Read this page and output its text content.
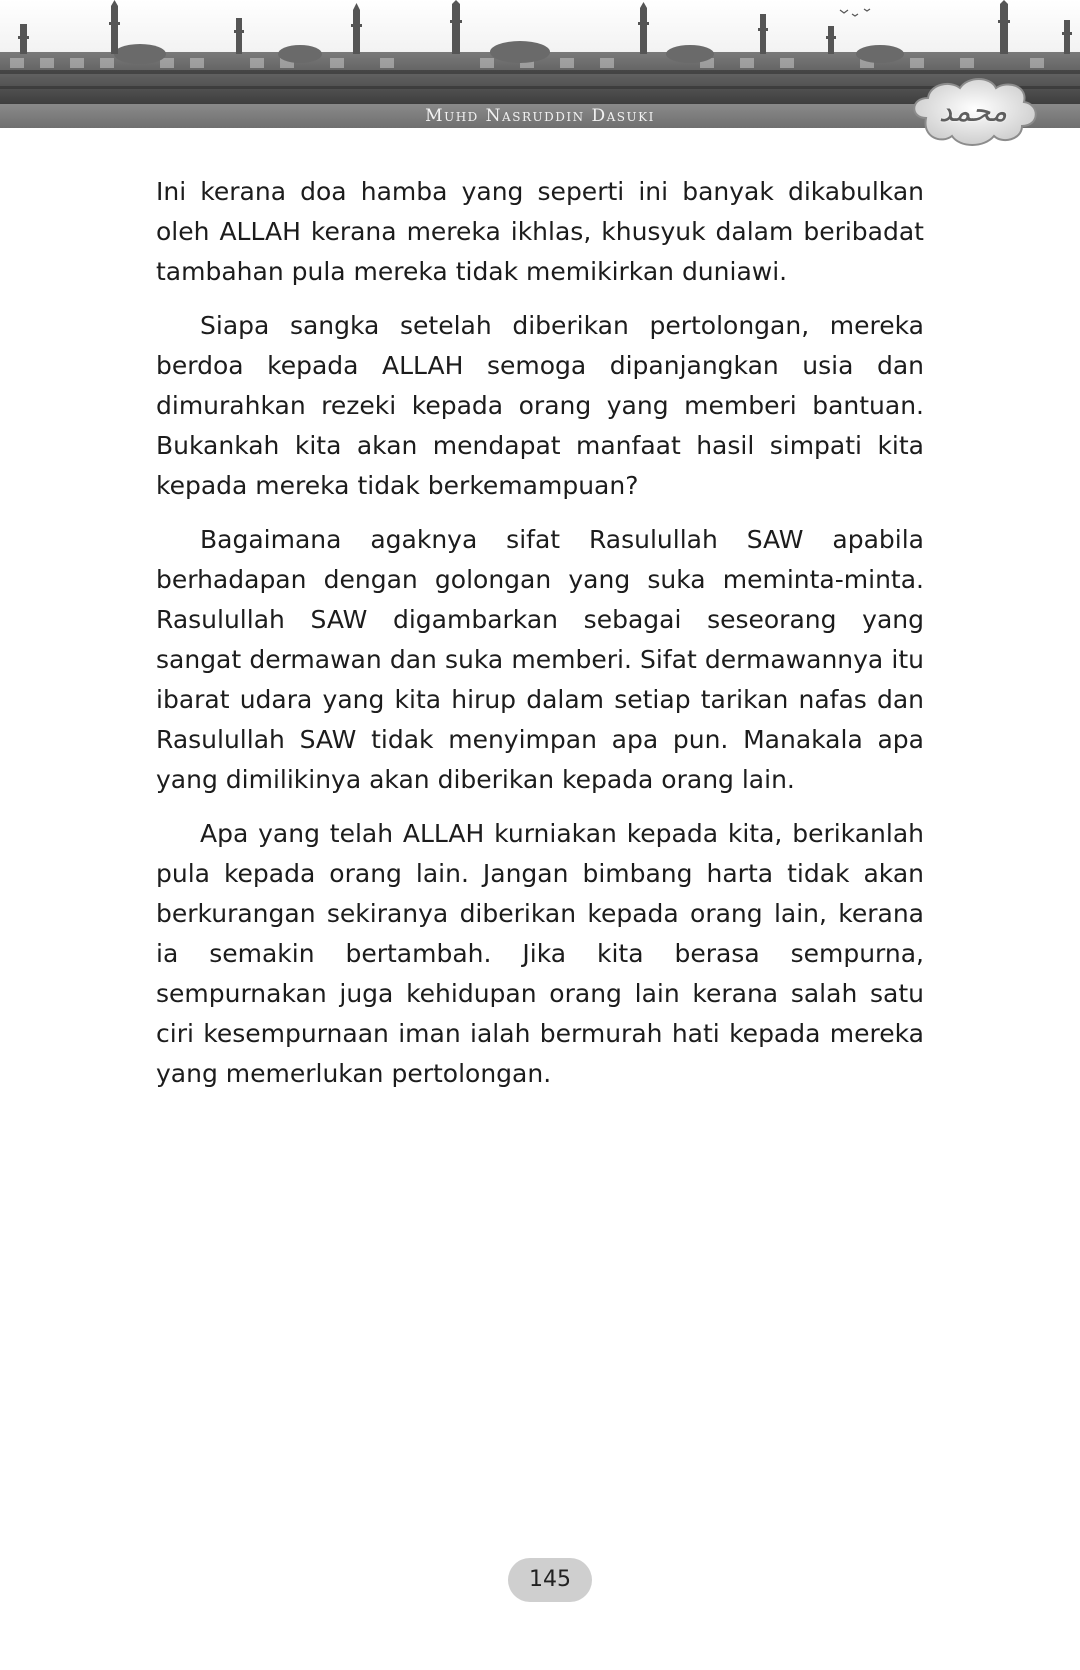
Muhd Nasruddin Dasuki	محمد

Ini kerana doa hamba yang seperti ini banyak dikabulkan oleh ALLAH kerana mereka ikhlas, khusyuk dalam beribadat tambahan pula mereka tidak memikirkan duniawi.

Siapa sangka setelah diberikan pertolongan, mereka berdoa kepada ALLAH semoga dipanjangkan usia dan dimurahkan rezeki kepada orang yang memberi bantuan. Bukankah kita akan mendapat manfaat hasil simpati kita kepada mereka tidak berkemampuan?

Bagaimana agaknya sifat Rasulullah SAW apabila berhadapan dengan golongan yang suka meminta-minta. Rasulullah SAW digambarkan sebagai seseorang yang sangat dermawan dan suka memberi. Sifat dermawannya itu ibarat udara yang kita hirup dalam setiap tarikan nafas dan Rasulullah SAW tidak menyimpan apa pun. Manakala apa yang dimilikinya akan diberikan kepada orang lain.

Apa yang telah ALLAH kurniakan kepada kita, berikanlah pula kepada orang lain. Jangan bimbang harta tidak akan berkurangan sekiranya diberikan kepada orang lain, kerana ia semakin bertambah. Jika kita berasa sempurna, sempurnakan juga kehidupan orang lain kerana salah satu ciri kesempurnaan iman ialah bermurah hati kepada mereka yang memerlukan pertolongan.

145
